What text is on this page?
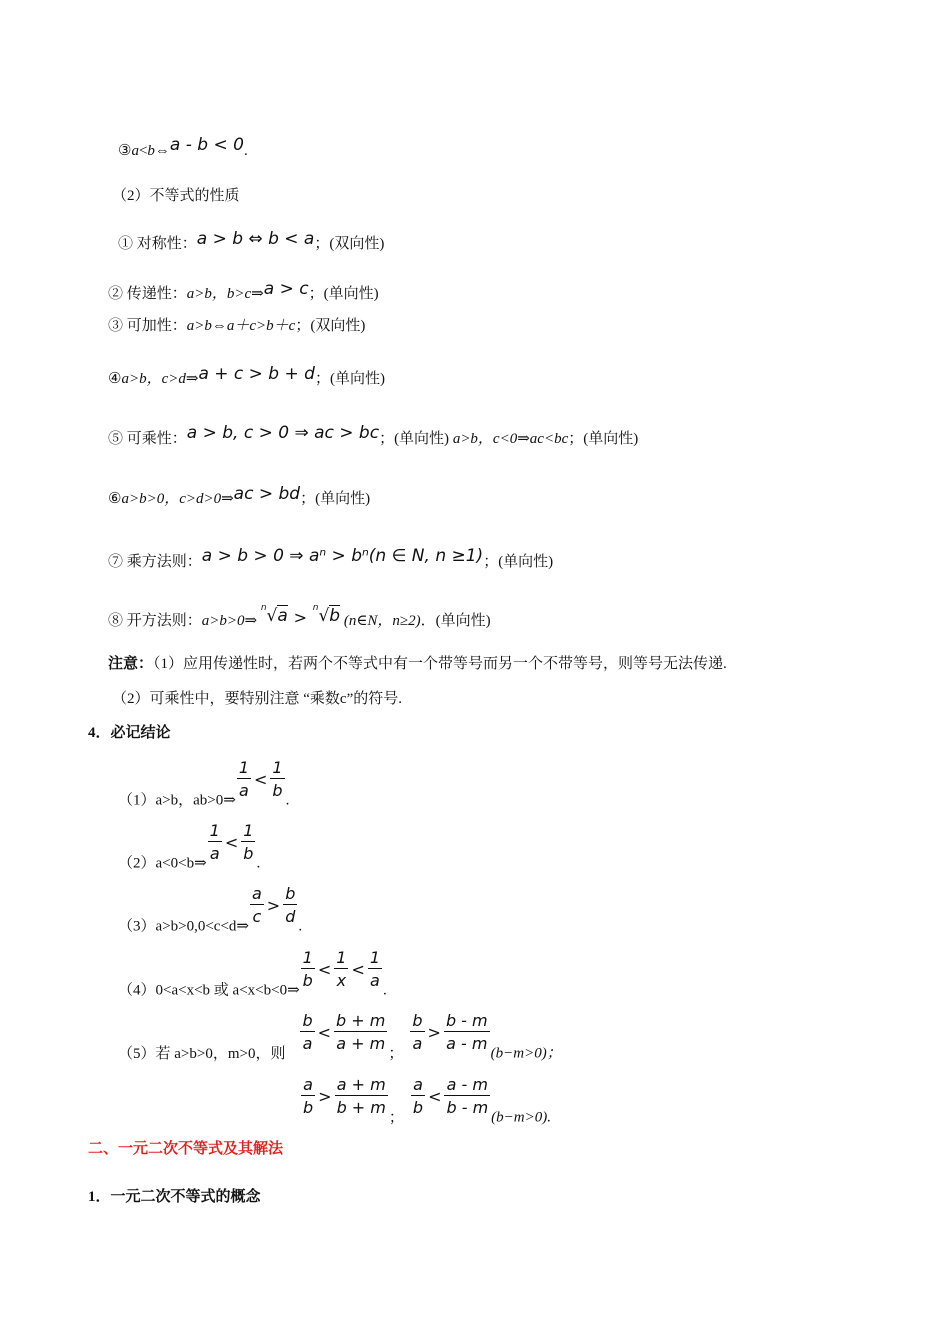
③a<b⇔a - b < 0.
（2）不等式的性质
① 对称性：a > b ⇔ b < a；(双向性)
② 传递性：a>b，b>c⇒a > c；(单向性)
③ 可加性：a>b⇔a＋c>b＋c；(双向性)
④a>b，c>d⇒a + c > b + d；(单向性)
⑤ 可乘性：a > b, c > 0 ⇒ ac > bc；(单向性) a>b，c<0⇒ac<bc；(单向性)
⑥a>b>0，c>d>0⇒ac > bd；(单向性)
⑦ 乘方法则：a > b > 0 ⇒ aⁿ > bⁿ(n ∈ N, n ≥1)；(单向性)
⑧ 开方法则：a>b>0⇒ $^n$√a > $^n$√b (n∈N，n≥2)．(单向性)
注意：（1）应用传递性时，若两个不等式中有一个带等号而另一个不带等号，则等号无法传递.
（2）可乘性中，要特别注意 “乘数c”的符号.
4．必记结论
（1）a>b，ab>0⇒
$\frac{1}{a} < \frac{1}{b}$
.
（2）a<0<b⇒
$\frac{1}{a} < \frac{1}{b}$
.
（3）a>b>0,0<c<d⇒
$\frac{a}{c} > \frac{b}{d}$
.
（4）0<a<x<b 或 a<x<b<0⇒
$\frac{1}{b} < \frac{1}{x} < \frac{1}{a}$
.
（5）若 a>b>0，m>0，则
$\frac{b}{a} < \frac{b + m}{a + m}$
；
$\frac{b}{a} > \frac{b - m}{a - m}$
(b−m>0)；
$\frac{a}{b} > \frac{a + m}{b + m}$
；
$\frac{a}{b} < \frac{a - m}{b - m}$
(b−m>0).
二、一元二次不等式及其解法
1．一元二次不等式的概念
